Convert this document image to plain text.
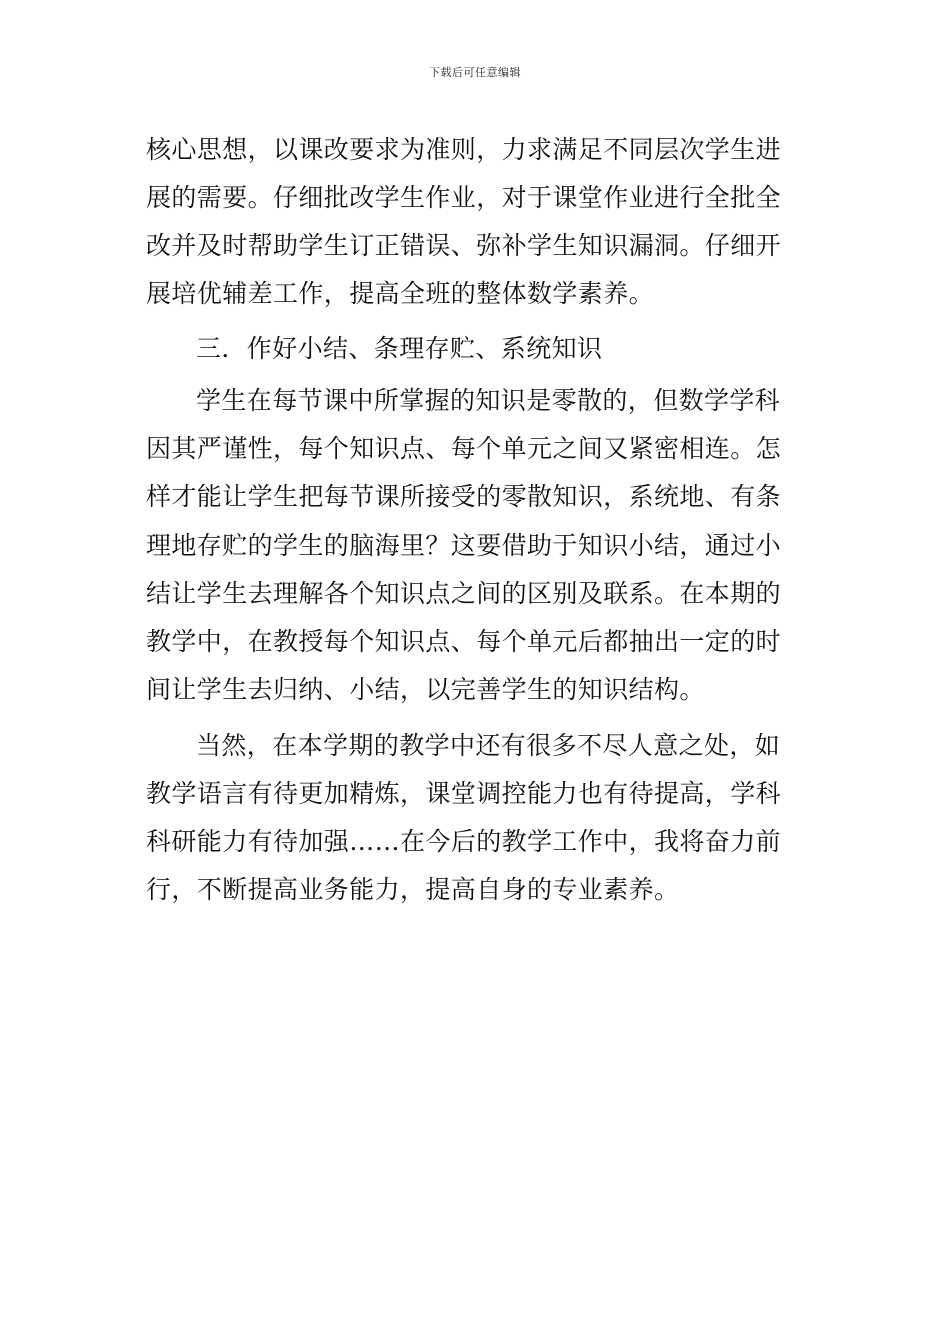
下载后可任意编辑
核心思想，以课改要求为准则，力求满足不同层次学生进
展的需要。仔细批改学生作业，对于课堂作业进行全批全
改并及时帮助学生订正错误、弥补学生知识漏洞。仔细开
展培优辅差工作，提高全班的整体数学素养。
三．作好小结、条理存贮、系统知识
学生在每节课中所掌握的知识是零散的，但数学学科
因其严谨性，每个知识点、每个单元之间又紧密相连。怎
样才能让学生把每节课所接受的零散知识，系统地、有条
理地存贮的学生的脑海里？这要借助于知识小结，通过小
结让学生去理解各个知识点之间的区别及联系。在本期的
教学中，在教授每个知识点、每个单元后都抽出一定的时
间让学生去归纳、小结，以完善学生的知识结构。
当然，在本学期的教学中还有很多不尽人意之处，如
教学语言有待更加精炼，课堂调控能力也有待提高，学科
科研能力有待加强……在今后的教学工作中，我将奋力前
行，不断提高业务能力，提高自身的专业素养。
